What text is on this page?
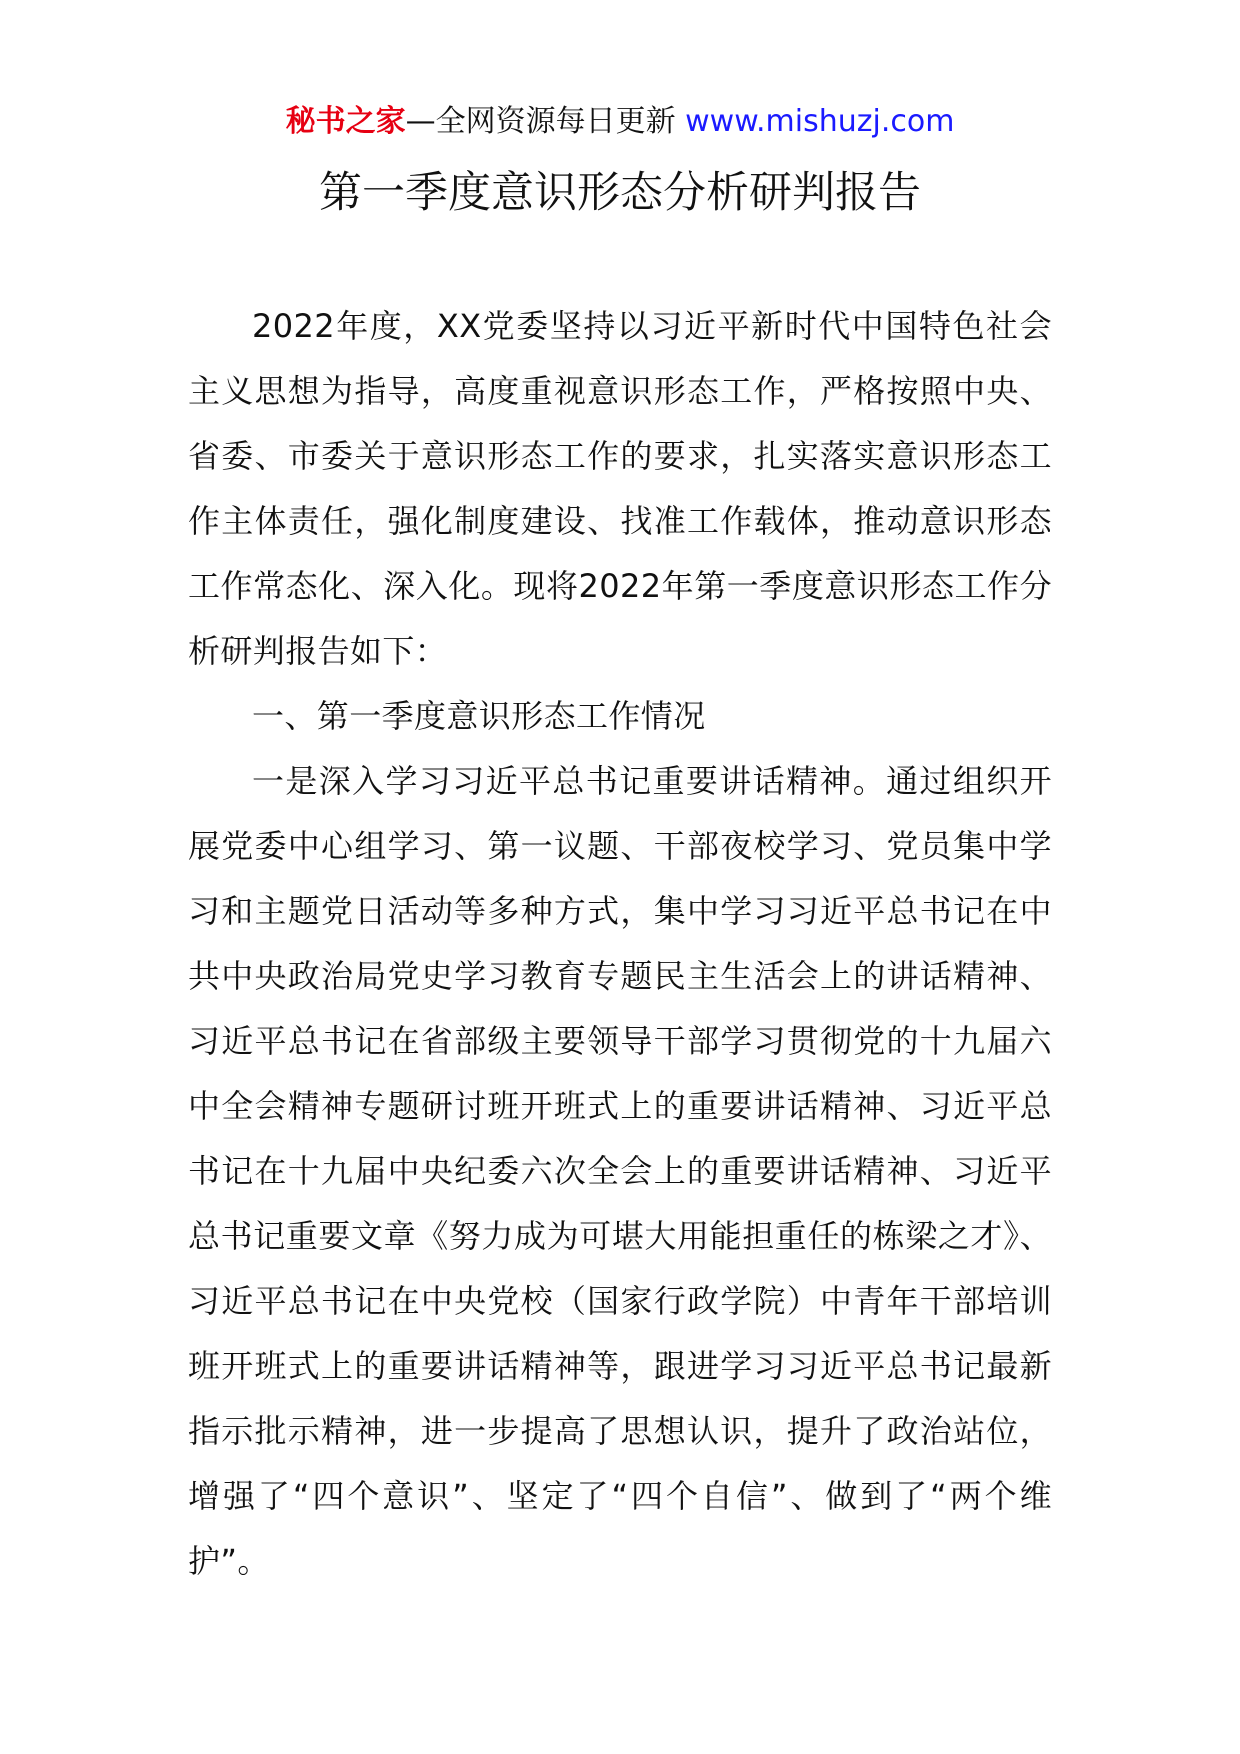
秘书之家—全网资源每日更新 www.mishuzj.com
第一季度意识形态分析研判报告

2022年度，XX党委坚持以习近平新时代中国特色社会主义思想为指导，高度重视意识形态工作，严格按照中央、省委、市委关于意识形态工作的要求，扎实落实意识形态工作主体责任，强化制度建设、找准工作载体，推动意识形态工作常态化、深入化。现将2022年第一季度意识形态工作分析研判报告如下：

一、第一季度意识形态工作情况

一是深入学习习近平总书记重要讲话精神。通过组织开展党委中心组学习、第一议题、干部夜校学习、党员集中学习和主题党日活动等多种方式，集中学习习近平总书记在中共中央政治局党史学习教育专题民主生活会上的讲话精神、习近平总书记在省部级主要领导干部学习贯彻党的十九届六中全会精神专题研讨班开班式上的重要讲话精神、习近平总书记在十九届中央纪委六次全会上的重要讲话精神、习近平总书记重要文章《努力成为可堪大用能担重任的栋梁之才》、习近平总书记在中央党校（国家行政学院）中青年干部培训班开班式上的重要讲话精神等，跟进学习习近平总书记最新指示批示精神，进一步提高了思想认识，提升了政治站位，增强了“四个意识”、坚定了“四个自信”、做到了“两个维护”。
